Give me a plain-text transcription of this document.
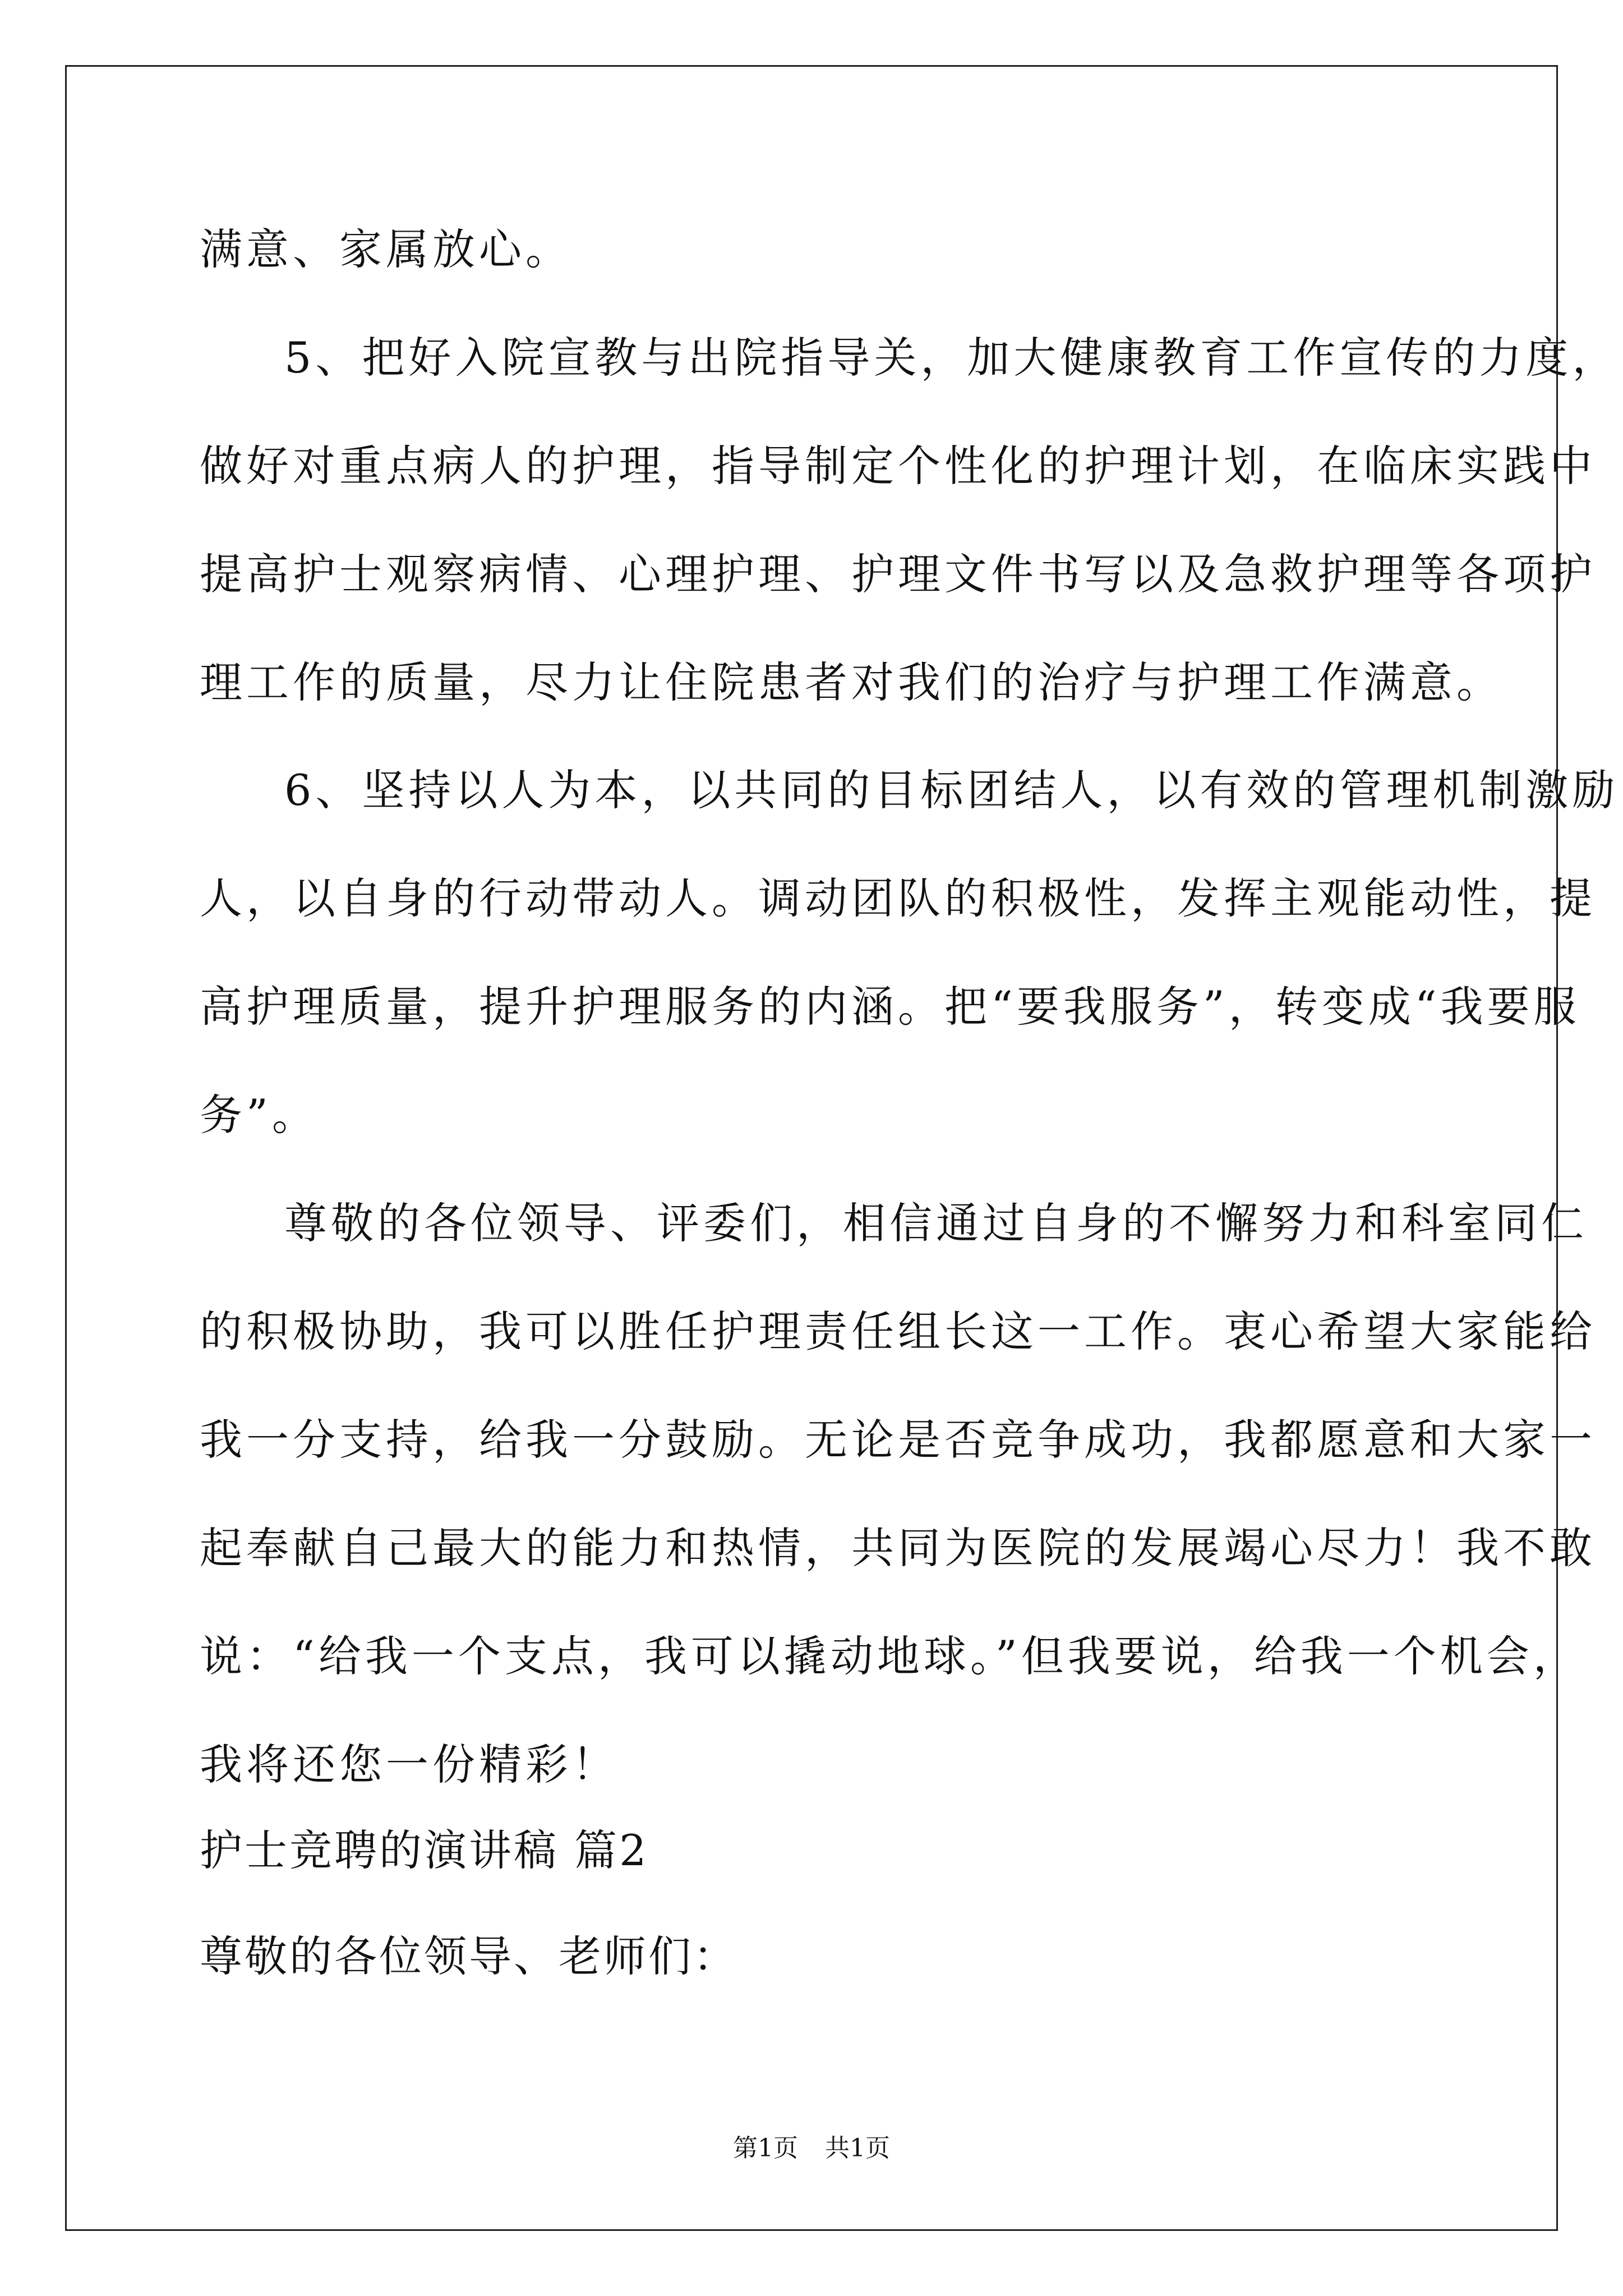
满意、家属放心。
5、把好入院宣教与出院指导关，加大健康教育工作宣传的力度，
做好对重点病人的护理，指导制定个性化的护理计划，在临床实践中
提高护士观察病情、心理护理、护理文件书写以及急救护理等各项护
理工作的质量，尽力让住院患者对我们的治疗与护理工作满意。
6、坚持以人为本，以共同的目标团结人，以有效的管理机制激励
人，以自身的行动带动人。调动团队的积极性，发挥主观能动性，提
高护理质量，提升护理服务的内涵。把“要我服务”，转变成“我要服
务”。
尊敬的各位领导、评委们，相信通过自身的不懈努力和科室同仁
的积极协助，我可以胜任护理责任组长这一工作。衷心希望大家能给
我一分支持，给我一分鼓励。无论是否竞争成功，我都愿意和大家一
起奉献自己最大的能力和热情，共同为医院的发展竭心尽力！我不敢
说：“给我一个支点，我可以撬动地球。”但我要说，给我一个机会，
我将还您一份精彩！
护士竞聘的演讲稿 篇2
尊敬的各位领导、老师们：
第1页 共1页
